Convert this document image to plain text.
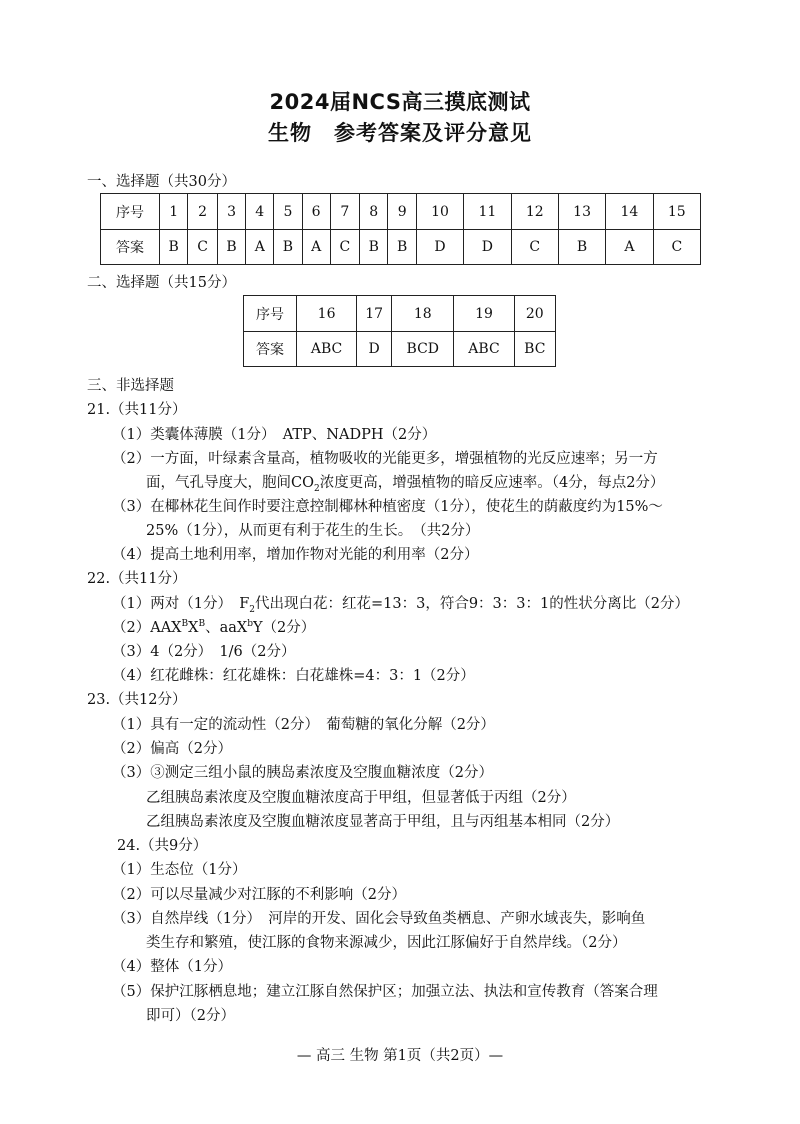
2024届NCS高三摸底测试
生物 参考答案及评分意见
一、选择题（共30分）
序号	1	2	3	4	5	6	7	8	9	10	11	12	13	14	15
答案	B	C	B	A	B	A	C	B	B	D	D	C	B	A	C
二、选择题（共15分）
序号	16	17	18	19	20
答案	ABC	D	BCD	ABC	BC
三、非选择题
21.（共11分）
（1）类囊体薄膜（1分）　ATP、NADPH（2分）
（2）一方面，叶绿素含量高，植物吸收的光能更多，增强植物的光反应速率；另一方
面，气孔导度大，胞间$CO_2$浓度更高，增强植物的暗反应速率。（4分，每点2分）
（3）在椰林花生间作时要注意控制椰林种植密度（1分），使花生的荫蔽度约为15%～
25%（1分），从而更有利于花生的生长。　（共2分）
（4）提高土地利用率，增加作物对光能的利用率（2分）
22.（共11分）
（1）两对（1分）　$F_2$代出现白花：红花=13：3，符合9：3：3：1的性状分离比（2分）
$(2)AAX^BX^B$、aaX$^b$Y（2分）
（3）4（2分）　1/6（2分）
（4）红花雌株：红花雄株：白花雄株=4：3：1（2分）
23.（共12分）
（1）具有一定的流动性（2分）　葡萄糖的氧化分解（2分）
（2）偏高（2分）
（3）③测定三组小鼠的胰岛素浓度及空腹血糖浓度（2分）
乙组胰岛素浓度及空腹血糖浓度高于甲组，但显著低于丙组（2分）
乙组胰岛素浓度及空腹血糖浓度显著高于甲组，且与丙组基本相同（2分）
24.（共9分）
（1）生态位（1分）
（2）可以尽量减少对江豚的不利影响（2分）
（3）自然岸线（1分）　河岸的开发、固化会导致鱼类栖息、产卵水域丧失，影响鱼
类生存和繁殖，使江豚的食物来源减少，因此江豚偏好于自然岸线。（2分）
（4）整体（1分）
（5）保护江豚栖息地；建立江豚自然保护区；加强立法、执法和宣传教育（答案合理
即可）（2分）
— 高三 生物 第1页（共2页）—
